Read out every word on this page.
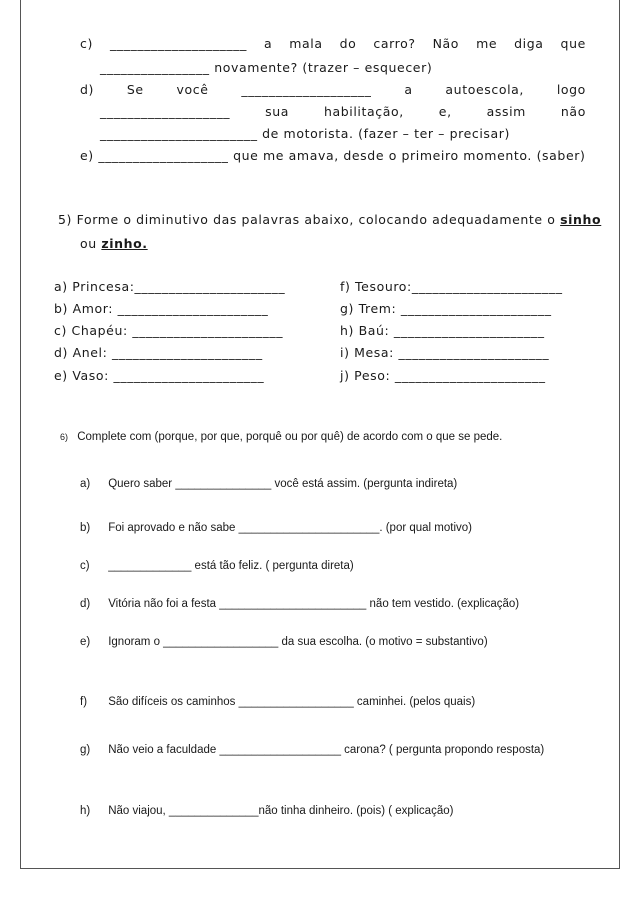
c) ____________________ a mala do carro? Não me diga que
________________ novamente? (trazer – esquecer)
d)	Se	você	___________________	a	autoescola,	logo
___________________	sua	habilitação,	e,	assim	não
_______________________ de motorista. (fazer – ter – precisar)
e) ___________________ que me amava, desde o primeiro momento. (saber)
5) Forme o diminutivo das palavras abaixo, colocando adequadamente o sinho
ou zinho.
a) Princesa:______________________
b) Amor: ______________________
c) Chapéu: ______________________
d) Anel: ______________________
e) Vaso: ______________________
f) Tesouro:______________________
g) Trem: ______________________
h) Baú: ______________________
i) Mesa: ______________________
j) Peso: ______________________
6) Complete com (porque, por que, porquê ou por quê) de acordo com o que se pede.
a) Quero saber _______________ você está assim. (pergunta indireta)
b) Foi aprovado e não sabe ______________________. (por qual motivo)
c) _____________ está tão feliz. ( pergunta direta)
d) Vitória não foi a festa _______________________ não tem vestido. (explicação)
e) Ignoram o __________________ da sua escolha. (o motivo = substantivo)
f) São difíceis os caminhos __________________ caminhei. (pelos quais)
g) Não veio a faculdade ___________________ carona? ( pergunta propondo resposta)
h) Não viajou, ______________não tinha dinheiro. (pois) ( explicação)
